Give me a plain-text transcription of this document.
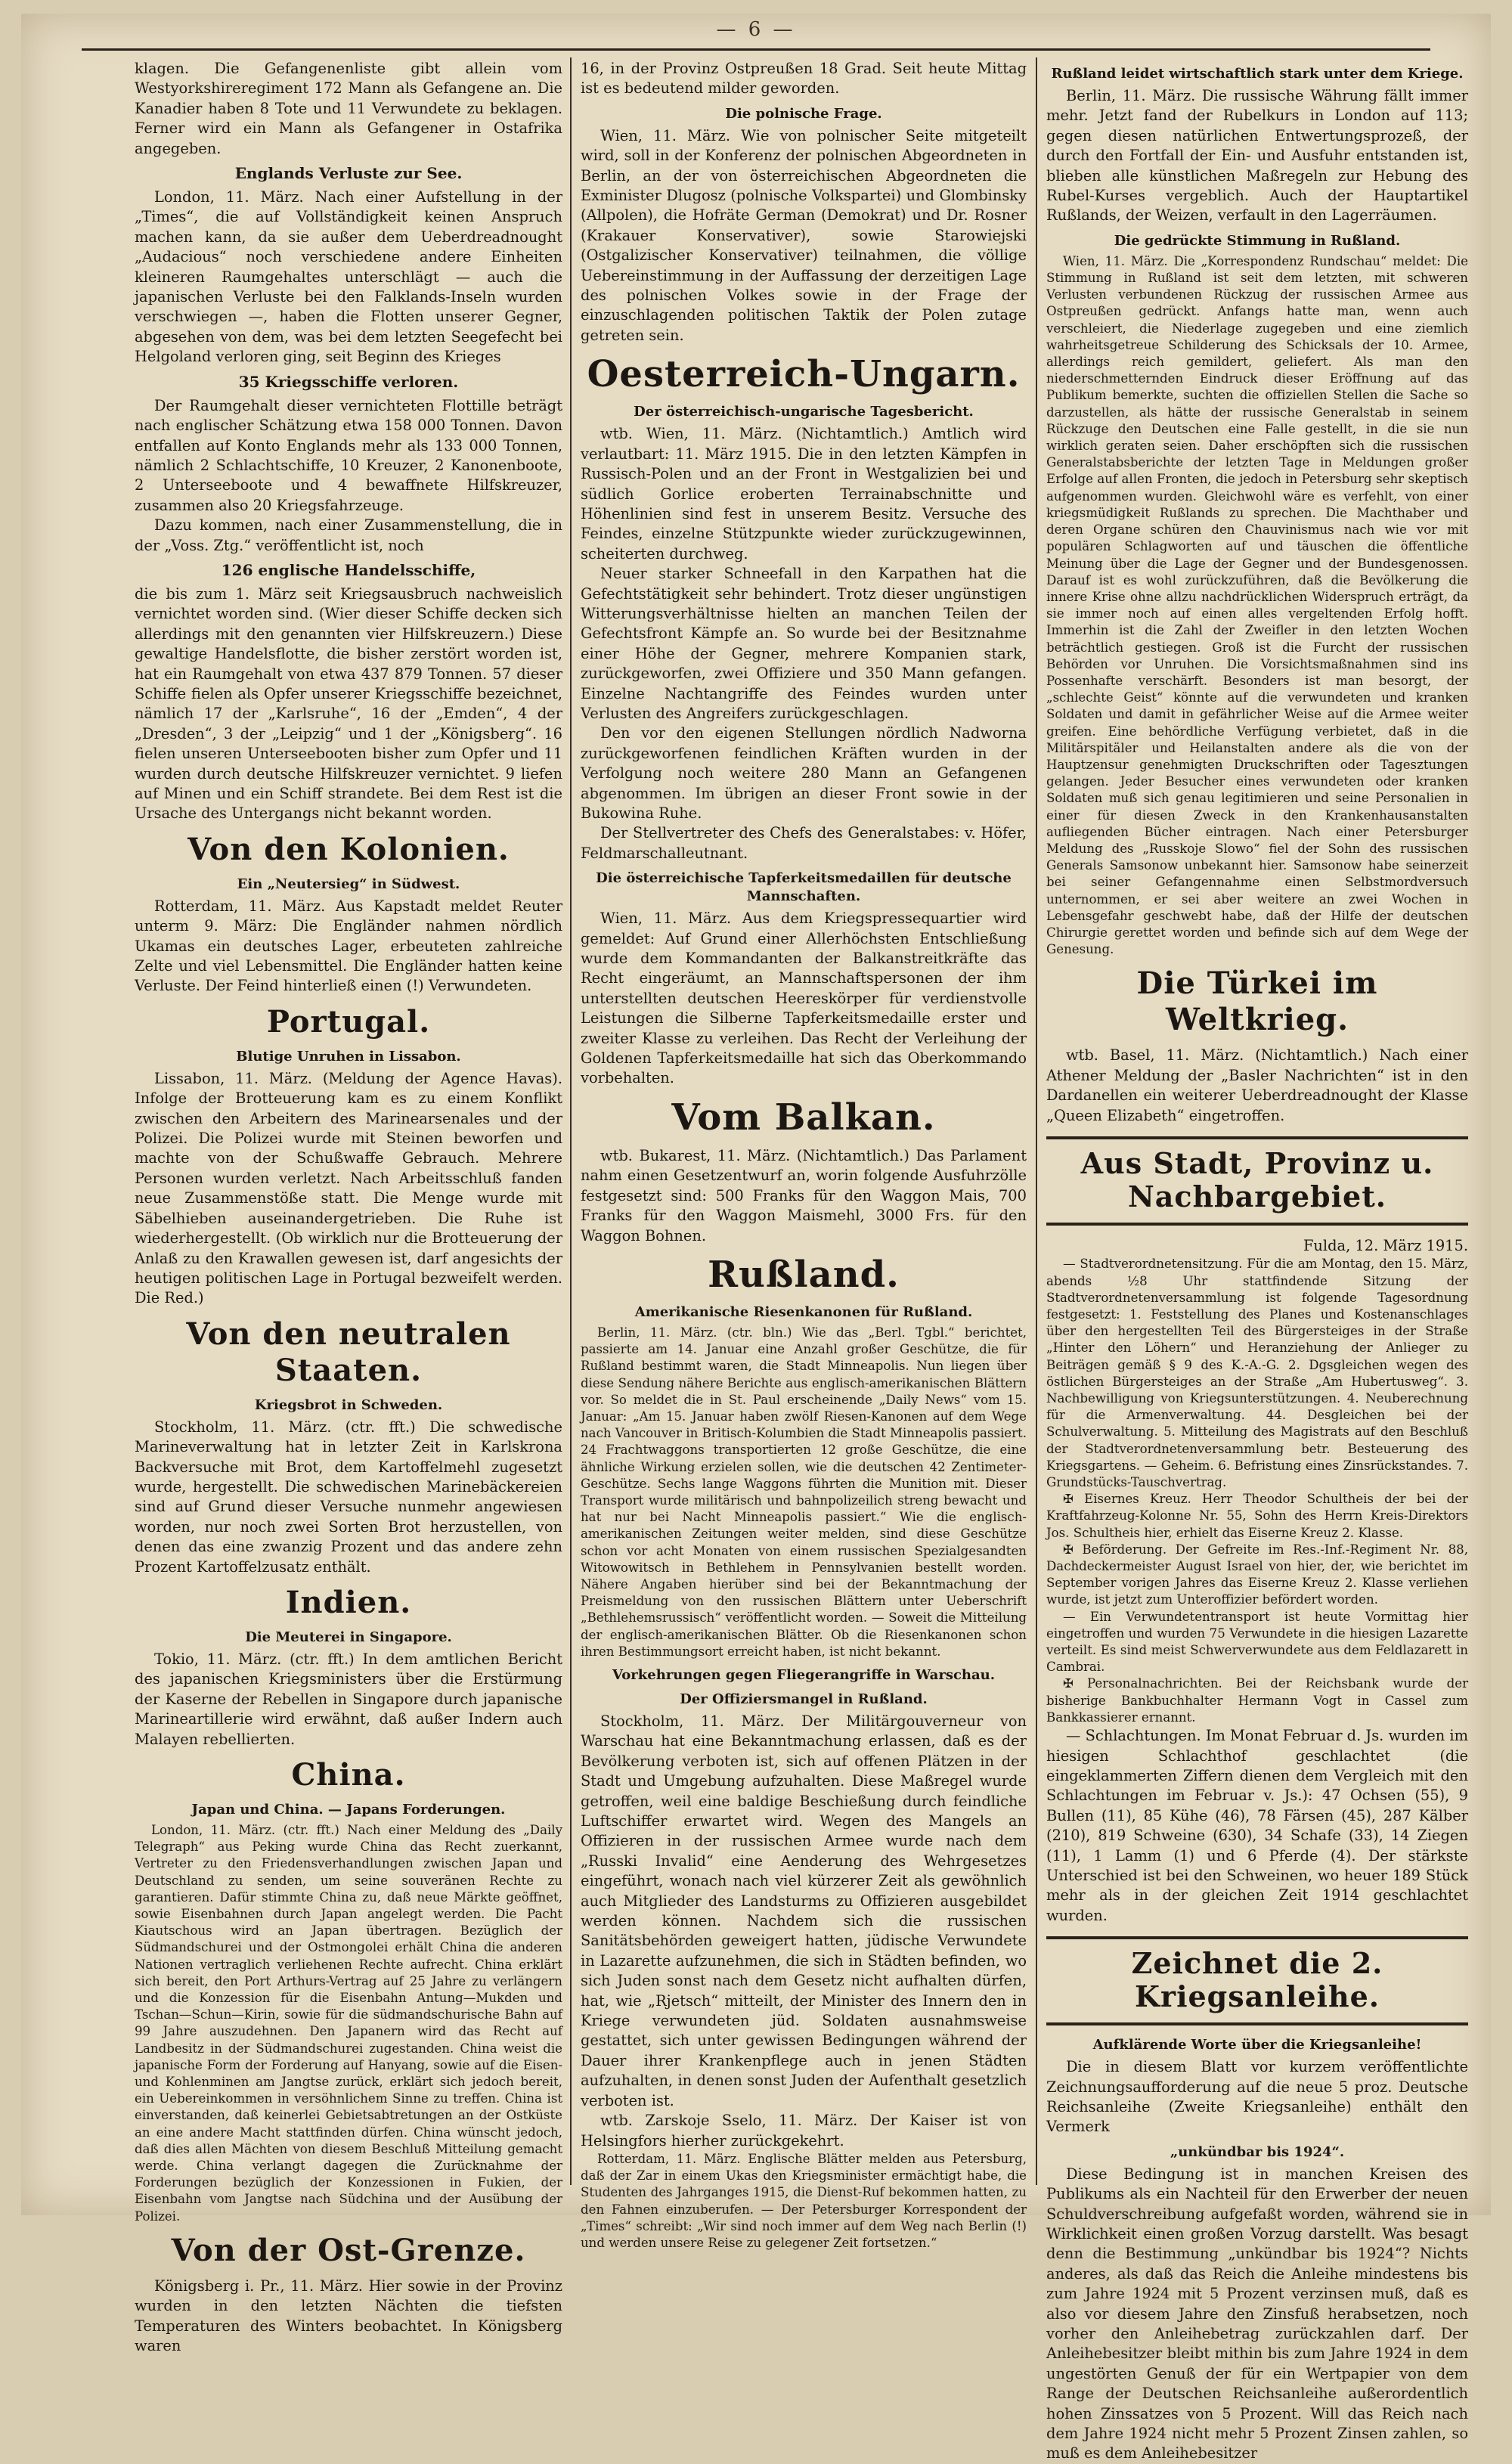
— 6 —

klagen. Die Gefangenenliste gibt allein vom Westyorkshireregiment 172 Mann als Gefangene an. Die Kanadier haben 8 Tote und 11 Verwundete zu beklagen. Ferner wird ein Mann als Gefangener in Ostafrika angegeben.

Englands Verluste zur See.

London, 11. März. Nach einer Aufstellung in der „Times“, die auf Vollständigkeit keinen Anspruch machen kann, da sie außer dem Ueberdreadnought „Audacious“ noch verschiedene andere Einheiten kleineren Raumgehaltes unterschlägt — auch die japanischen Verluste bei den Falklands-Inseln wurden verschwiegen —, haben die Flotten unserer Gegner, abgesehen von dem, was bei dem letzten Seegefecht bei Helgoland verloren ging, seit Beginn des Krieges

35 Kriegsschiffe verloren.

Der Raumgehalt dieser vernichteten Flottille beträgt nach englischer Schätzung etwa 158 000 Tonnen. Davon entfallen auf Konto Englands mehr als 133 000 Tonnen, nämlich 2 Schlachtschiffe, 10 Kreuzer, 2 Kanonenboote, 2 Unterseeboote und 4 bewaffnete Hilfskreuzer, zusammen also 20 Kriegsfahrzeuge.

Dazu kommen, nach einer Zusammenstellung, die in der „Voss. Ztg.“ veröffentlicht ist, noch

126 englische Handelsschiffe,

die bis zum 1. März seit Kriegsausbruch nachweislich vernichtet worden sind. (Wier dieser Schiffe decken sich allerdings mit den genannten vier Hilfskreuzern.) Diese gewaltige Handelsflotte, die bisher zerstört worden ist, hat ein Raumgehalt von etwa 437 879 Tonnen. 57 dieser Schiffe fielen als Opfer unserer Kriegsschiffe bezeichnet, nämlich 17 der „Karlsruhe“, 16 der „Emden“, 4 der „Dresden“, 3 der „Leipzig“ und 1 der „Königsberg“. 16 fielen unseren Unterseebooten bisher zum Opfer und 11 wurden durch deutsche Hilfskreuzer vernichtet. 9 liefen auf Minen und ein Schiff strandete. Bei dem Rest ist die Ursache des Untergangs nicht bekannt worden.

Von den Kolonien.
Ein „Neutersieg“ in Südwest.

Rotterdam, 11. März. Aus Kapstadt meldet Reuter unterm 9. März: Die Engländer nahmen nördlich Ukamas ein deutsches Lager, erbeuteten zahlreiche Zelte und viel Lebensmittel. Die Engländer hatten keine Verluste. Der Feind hinterließ einen (!) Verwundeten.

Portugal.
Blutige Unruhen in Lissabon.

Lissabon, 11. März. (Meldung der Agence Havas). Infolge der Brotteuerung kam es zu einem Konflikt zwischen den Arbeitern des Marinearsenales und der Polizei. Die Polizei wurde mit Steinen beworfen und machte von der Schußwaffe Gebrauch. Mehrere Personen wurden verletzt. Nach Arbeitsschluß fanden neue Zusammenstöße statt. Die Menge wurde mit Säbelhieben auseinandergetrieben. Die Ruhe ist wiederhergestellt. (Ob wirklich nur die Brotteuerung der Anlaß zu den Krawallen gewesen ist, darf angesichts der heutigen politischen Lage in Portugal bezweifelt werden. Die Red.)

Von den neutralen Staaten.
Kriegsbrot in Schweden.

Stockholm, 11. März. (ctr. fft.) Die schwedische Marineverwaltung hat in letzter Zeit in Karlskrona Backversuche mit Brot, dem Kartoffelmehl zugesetzt wurde, hergestellt. Die schwedischen Marinebäckereien sind auf Grund dieser Versuche nunmehr angewiesen worden, nur noch zwei Sorten Brot herzustellen, von denen das eine zwanzig Prozent und das andere zehn Prozent Kartoffelzusatz enthält.

Indien.
Die Meuterei in Singapore.

Tokio, 11. März. (ctr. fft.) In dem amtlichen Bericht des japanischen Kriegsministers über die Erstürmung der Kaserne der Rebellen in Singapore durch japanische Marineartillerie wird erwähnt, daß außer Indern auch Malayen rebellierten.

China.
Japan und China. — Japans Forderungen.

London, 11. März. (ctr. fft.) Nach einer Meldung des „Daily Telegraph“ aus Peking wurde China das Recht zuerkannt, Vertreter zu den Friedensverhandlungen zwischen Japan und Deutschland zu senden, um seine souveränen Rechte zu garantieren. Dafür stimmte China zu, daß neue Märkte geöffnet, sowie Eisenbahnen durch Japan angelegt werden. Die Pacht Kiautschous wird an Japan übertragen. Bezüglich der Südmandschurei und der Ostmongolei erhält China die anderen Nationen vertraglich verliehenen Rechte aufrecht. China erklärt sich bereit, den Port Arthurs-Vertrag auf 25 Jahre zu verlängern und die Konzession für die Eisenbahn Antung—Mukden und Tschan—Schun—Kirin, sowie für die südmandschurische Bahn auf 99 Jahre auszudehnen. Den Japanern wird das Recht auf Landbesitz in der Südmandschurei zugestanden. China weist die japanische Form der Forderung auf Hanyang, sowie auf die Eisen- und Kohlenminen am Jangtse zurück, erklärt sich jedoch bereit, ein Uebereinkommen in versöhnlichem Sinne zu treffen. China ist einverstanden, daß keinerlei Gebietsabtretungen an der Ostküste an eine andere Macht stattfinden dürfen. China wünscht jedoch, daß dies allen Mächten von diesem Beschluß Mitteilung gemacht werde. China verlangt dagegen die Zurücknahme der Forderungen bezüglich der Konzessionen in Fukien, der Eisenbahn vom Jangtse nach Südchina und der Ausübung der Polizei.

Von der Ost-Grenze.

Königsberg i. Pr., 11. März. Hier sowie in der Provinz wurden in den letzten Nächten die tiefsten Temperaturen des Winters beobachtet. In Königsberg waren

16, in der Provinz Ostpreußen 18 Grad. Seit heute Mittag ist es bedeutend milder geworden.

Die polnische Frage.

Wien, 11. März. Wie von polnischer Seite mitgeteilt wird, soll in der Konferenz der polnischen Abgeordneten in Berlin, an der von österreichischen Abgeordneten die Exminister Dlugosz (polnische Volkspartei) und Glombinsky (Allpolen), die Hofräte German (Demokrat) und Dr. Rosner (Krakauer Konservativer), sowie Starowiejski (Ostgalizischer Konservativer) teilnahmen, die völlige Uebereinstimmung in der Auffassung der derzeitigen Lage des polnischen Volkes sowie in der Frage der einzuschlagenden politischen Taktik der Polen zutage getreten sein.

Oesterreich-Ungarn.
Der österreichisch-ungarische Tagesbericht.

wtb. Wien, 11. März. (Nichtamtlich.) Amtlich wird verlautbart: 11. März 1915. Die in den letzten Kämpfen in Russisch-Polen und an der Front in Westgalizien bei und südlich Gorlice eroberten Terrainabschnitte und Höhenlinien sind fest in unserem Besitz. Versuche des Feindes, einzelne Stützpunkte wieder zurückzugewinnen, scheiterten durchweg.

Neuer starker Schneefall in den Karpathen hat die Gefechtstätigkeit sehr behindert. Trotz dieser ungünstigen Witterungsverhältnisse hielten an manchen Teilen der Gefechtsfront Kämpfe an. So wurde bei der Besitznahme einer Höhe der Gegner, mehrere Kompanien stark, zurückgeworfen, zwei Offiziere und 350 Mann gefangen. Einzelne Nachtangriffe des Feindes wurden unter Verlusten des Angreifers zurückgeschlagen.

Den vor den eigenen Stellungen nördlich Nadworna zurückgeworfenen feindlichen Kräften wurden in der Verfolgung noch weitere 280 Mann an Gefangenen abgenommen. Im übrigen an dieser Front sowie in der Bukowina Ruhe.

Der Stellvertreter des Chefs des Generalstabes: v. Höfer, Feldmarschalleutnant.

Die österreichische Tapferkeitsmedaillen für deutsche Mannschaften.

Wien, 11. März. Aus dem Kriegspressequartier wird gemeldet: Auf Grund einer Allerhöchsten Entschließung wurde dem Kommandanten der Balkanstreitkräfte das Recht eingeräumt, an Mannschaftspersonen der ihm unterstellten deutschen Heereskörper für verdienstvolle Leistungen die Silberne Tapferkeitsmedaille erster und zweiter Klasse zu verleihen. Das Recht der Verleihung der Goldenen Tapferkeitsmedaille hat sich das Oberkommando vorbehalten.

Vom Balkan.

wtb. Bukarest, 11. März. (Nichtamtlich.) Das Parlament nahm einen Gesetzentwurf an, worin folgende Ausfuhrzölle festgesetzt sind: 500 Franks für den Waggon Mais, 700 Franks für den Waggon Maismehl, 3000 Frs. für den Waggon Bohnen.

Rußland.
Amerikanische Riesenkanonen für Rußland.

Berlin, 11. März. (ctr. bln.) Wie das „Berl. Tgbl.“ berichtet, passierte am 14. Januar eine Anzahl großer Geschütze, die für Rußland bestimmt waren, die Stadt Minneapolis. Nun liegen über diese Sendung nähere Berichte aus englisch-amerikanischen Blättern vor. So meldet die in St. Paul erscheinende „Daily News“ vom 15. Januar: „Am 15. Januar haben zwölf Riesen-Kanonen auf dem Wege nach Vancouver in Britisch-Kolumbien die Stadt Minneapolis passiert. 24 Frachtwaggons transportierten 12 große Geschütze, die eine ähnliche Wirkung erzielen sollen, wie die deutschen 42 Zentimeter-Geschütze. Sechs lange Waggons führten die Munition mit. Dieser Transport wurde militärisch und bahnpolizeilich streng bewacht und hat nur bei Nacht Minneapolis passiert.“ Wie die englisch-amerikanischen Zeitungen weiter melden, sind diese Geschütze schon vor acht Monaten von einem russischen Spezialgesandten Witowowitsch in Bethlehem in Pennsylvanien bestellt worden. Nähere Angaben hierüber sind bei der Bekanntmachung der Preismeldung von den russischen Blättern unter Ueberschrift „Bethlehemsrussisch“ veröffentlicht worden. — Soweit die Mitteilung der englisch-amerikanischen Blätter. Ob die Riesenkanonen schon ihren Bestimmungsort erreicht haben, ist nicht bekannt.

Vorkehrungen gegen Fliegerangriffe in Warschau.
Der Offiziersmangel in Rußland.

Stockholm, 11. März. Der Militärgouverneur von Warschau hat eine Bekanntmachung erlassen, daß es der Bevölkerung verboten ist, sich auf offenen Plätzen in der Stadt und Umgebung aufzuhalten. Diese Maßregel wurde getroffen, weil eine baldige Beschießung durch feindliche Luftschiffer erwartet wird. Wegen des Mangels an Offizieren in der russischen Armee wurde nach dem „Russki Invalid“ eine Aenderung des Wehrgesetzes eingeführt, wonach nach viel kürzerer Zeit als gewöhnlich auch Mitglieder des Landsturms zu Offizieren ausgebildet werden können. Nachdem sich die russischen Sanitätsbehörden geweigert hatten, jüdische Verwundete in Lazarette aufzunehmen, die sich in Städten befinden, wo sich Juden sonst nach dem Gesetz nicht aufhalten dürfen, hat, wie „Rjetsch“ mitteilt, der Minister des Innern den in Kriege verwundeten jüd. Soldaten ausnahmsweise gestattet, sich unter gewissen Bedingungen während der Dauer ihrer Krankenpflege auch in jenen Städten aufzuhalten, in denen sonst Juden der Aufenthalt gesetzlich verboten ist.

wtb. Zarskoje Sselo, 11. März. Der Kaiser ist von Helsingfors hierher zurückgekehrt.

Rotterdam, 11. März. Englische Blätter melden aus Petersburg, daß der Zar in einem Ukas den Kriegsminister ermächtigt habe, die Studenten des Jahrganges 1915, die Dienst-Ruf bekommen hatten, zu den Fahnen einzuberufen. — Der Petersburger Korrespondent der „Times“ schreibt: „Wir sind noch immer auf dem Weg nach Berlin (!) und werden unsere Reise zu gelegener Zeit fortsetzen.“

Rußland leidet wirtschaftlich stark unter dem Kriege.

Berlin, 11. März. Die russische Währung fällt immer mehr. Jetzt fand der Rubelkurs in London auf 113; gegen diesen natürlichen Entwertungsprozeß, der durch den Fortfall der Ein- und Ausfuhr entstanden ist, blieben alle künstlichen Maßregeln zur Hebung des Rubel-Kurses vergeblich. Auch der Hauptartikel Rußlands, der Weizen, verfault in den Lagerräumen.

Die gedrückte Stimmung in Rußland.

Wien, 11. März. Die „Korrespondenz Rundschau“ meldet: Die Stimmung in Rußland ist seit dem letzten, mit schweren Verlusten verbundenen Rückzug der russischen Armee aus Ostpreußen gedrückt. Anfangs hatte man, wenn auch verschleiert, die Niederlage zugegeben und eine ziemlich wahrheitsgetreue Schilderung des Schicksals der 10. Armee, allerdings reich gemildert, geliefert. Als man den niederschmetternden Eindruck dieser Eröffnung auf das Publikum bemerkte, suchten die offiziellen Stellen die Sache so darzustellen, als hätte der russische Generalstab in seinem Rückzuge den Deutschen eine Falle gestellt, in die sie nun wirklich geraten seien. Daher erschöpften sich die russischen Generalstabsberichte der letzten Tage in Meldungen großer Erfolge auf allen Fronten, die jedoch in Petersburg sehr skeptisch aufgenommen wurden. Gleichwohl wäre es verfehlt, von einer kriegsmüdigkeit Rußlands zu sprechen. Die Machthaber und deren Organe schüren den Chauvinismus nach wie vor mit populären Schlagworten auf und täuschen die öffentliche Meinung über die Lage der Gegner und der Bundesgenossen. Darauf ist es wohl zurückzuführen, daß die Bevölkerung die innere Krise ohne allzu nachdrücklichen Widerspruch erträgt, da sie immer noch auf einen alles vergeltenden Erfolg hofft. Immerhin ist die Zahl der Zweifler in den letzten Wochen beträchtlich gestiegen. Groß ist die Furcht der russischen Behörden vor Unruhen. Die Vorsichtsmaßnahmen sind ins Possenhafte verschärft. Besonders ist man besorgt, der „schlechte Geist“ könnte auf die verwundeten und kranken Soldaten und damit in gefährlicher Weise auf die Armee weiter greifen. Eine behördliche Verfügung verbietet, daß in die Militärspitäler und Heilanstalten andere als die von der Hauptzensur genehmigten Druckschriften oder Tagesztungen gelangen. Jeder Besucher eines verwundeten oder kranken Soldaten muß sich genau legitimieren und seine Personalien in einer für diesen Zweck in den Krankenhausanstalten aufliegenden Bücher eintragen. Nach einer Petersburger Meldung des „Russkoje Slowo“ fiel der Sohn des russischen Generals Samsonow unbekannt hier. Samsonow habe seinerzeit bei seiner Gefangennahme einen Selbstmordversuch unternommen, er sei aber weitere an zwei Wochen in Lebensgefahr geschwebt habe, daß der Hilfe der deutschen Chirurgie gerettet worden und befinde sich auf dem Wege der Genesung.

Die Türkei im Weltkrieg.

wtb. Basel, 11. März. (Nichtamtlich.) Nach einer Athener Meldung der „Basler Nachrichten“ ist in den Dardanellen ein weiterer Ueberdreadnought der Klasse „Queen Elizabeth“ eingetroffen.

Aus Stadt, Provinz u. Nachbargebiet.

Fulda, 12. März 1915.

— Stadtverordnetensitzung. Für die am Montag, den 15. März, abends ½8 Uhr stattfindende Sitzung der Stadtverordnetenversammlung ist folgende Tagesordnung festgesetzt: 1. Feststellung des Planes und Kostenanschlages über den hergestellten Teil des Bürgersteiges in der Straße „Hinter den Löhern“ und Heranziehung der Anlieger zu Beiträgen gemäß § 9 des K.-A.-G. 2. Dgsgleichen wegen des östlichen Bürgersteiges an der Straße „Am Hubertusweg“. 3. Nachbewilligung von Kriegsunterstützungen. 4. Neuberechnung für die Armenverwaltung. 44. Desgleichen bei der Schulverwaltung. 5. Mitteilung des Magistrats auf den Beschluß der Stadtverordnetenversammlung betr. Besteuerung des Kriegsgartens. — Geheim. 6. Befristung eines Zinsrückstandes. 7. Grundstücks-Tauschvertrag.

✠ Eisernes Kreuz. Herr Theodor Schultheis der bei der Kraftfahrzeug-Kolonne Nr. 55, Sohn des Herrn Kreis-Direktors Jos. Schultheis hier, erhielt das Eiserne Kreuz 2. Klasse.

✠ Beförderung. Der Gefreite im Res.-Inf.-Regiment Nr. 88, Dachdeckermeister August Israel von hier, der, wie berichtet im September vorigen Jahres das Eiserne Kreuz 2. Klasse verliehen wurde, ist jetzt zum Unteroffizier befördert worden.

— Ein Verwundetentransport ist heute Vormittag hier eingetroffen und wurden 75 Verwundete in die hiesigen Lazarette verteilt. Es sind meist Schwerverwundete aus dem Feldlazarett in Cambrai.

✠ Personalnachrichten. Bei der Reichsbank wurde der bisherige Bankbuchhalter Hermann Vogt in Cassel zum Bankkassierer ernannt.

— Schlachtungen. Im Monat Februar d. Js. wurden im hiesigen Schlachthof geschlachtet (die eingeklammerten Ziffern dienen dem Vergleich mit den Schlachtungen im Februar v. Js.): 47 Ochsen (55), 9 Bullen (11), 85 Kühe (46), 78 Färsen (45), 287 Kälber (210), 819 Schweine (630), 34 Schafe (33), 14 Ziegen (11), 1 Lamm (1) und 6 Pferde (4). Der stärkste Unterschied ist bei den Schweinen, wo heuer 189 Stück mehr als in der gleichen Zeit 1914 geschlachtet wurden.

Zeichnet die 2. Kriegsanleihe.
Aufklärende Worte über die Kriegsanleihe!

Die in diesem Blatt vor kurzem veröffentlichte Zeichnungsaufforderung auf die neue 5 proz. Deutsche Reichsanleihe (Zweite Kriegsanleihe) enthält den Vermerk

„unkündbar bis 1924“.

Diese Bedingung ist in manchen Kreisen des Publikums als ein Nachteil für den Erwerber der neuen Schuldverschreibung aufgefaßt worden, während sie in Wirklichkeit einen großen Vorzug darstellt. Was besagt denn die Bestimmung „unkündbar bis 1924“? Nichts anderes, als daß das Reich die Anleihe mindestens bis zum Jahre 1924 mit 5 Prozent verzinsen muß, daß es also vor diesem Jahre den Zinsfuß herabsetzen, noch vorher den Anleihebetrag zurückzahlen darf. Der Anleihebesitzer bleibt mithin bis zum Jahre 1924 in dem ungestörten Genuß der für ein Wertpapier von dem Range der Deutschen Reichsanleihe außerordentlich hohen Zinssatzes von 5 Prozent. Will das Reich nach dem Jahre 1924 nicht mehr 5 Prozent Zinsen zahlen, so muß es dem Anleihebesitzer
